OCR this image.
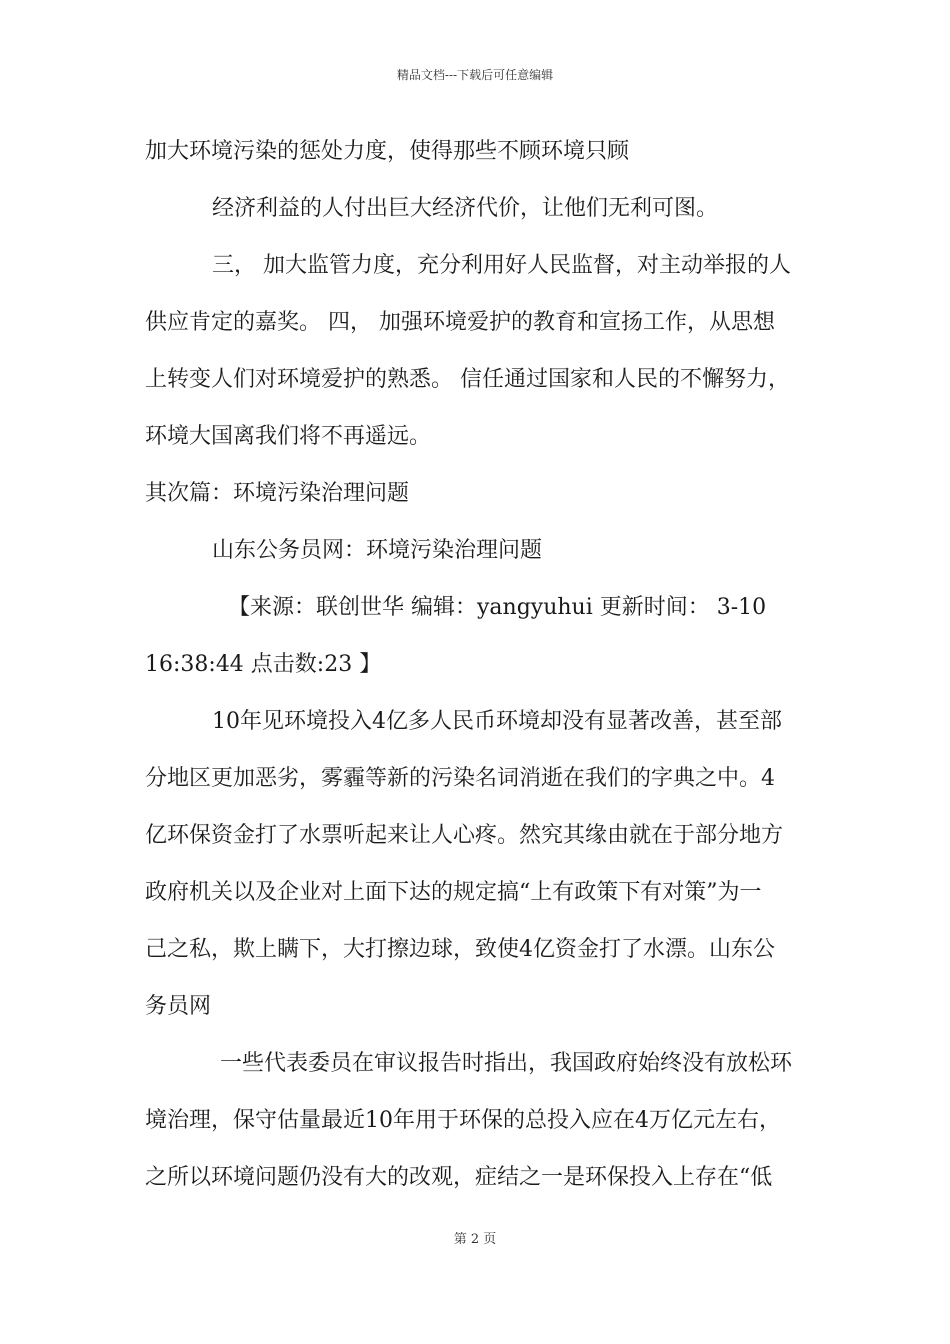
精品文档---下载后可任意编辑
加大环境污染的惩处力度，使得那些不顾环境只顾
经济利益的人付出巨大经济代价，让他们无利可图。
三， 加大监管力度，充分利用好人民监督，对主动举报的人
供应肯定的嘉奖。 四， 加强环境爱护的教育和宣扬工作，从思想
上转变人们对环境爱护的熟悉。 信任通过国家和人民的不懈努力，
环境大国离我们将不再遥远。
其次篇：环境污染治理问题
山东公务员网：环境污染治理问题
【来源：联创世华 编辑：yangyuhui 更新时间： 3-10
16:38:44 点击数:23 】
10年见环境投入4亿多人民币环境却没有显著改善，甚至部
分地区更加恶劣，雾霾等新的污染名词消逝在我们的字典之中。4
亿环保资金打了水票听起来让人心疼。然究其缘由就在于部分地方
政府机关以及企业对上面下达的规定搞“上有政策下有对策”为一
己之私，欺上瞒下，大打擦边球，致使4亿资金打了水漂。山东公
务员网
一些代表委员在审议报告时指出，我国政府始终没有放松环
境治理，保守估量最近10年用于环保的总投入应在4万亿元左右，
之所以环境问题仍没有大的改观，症结之一是环保投入上存在“低
第 2 页
